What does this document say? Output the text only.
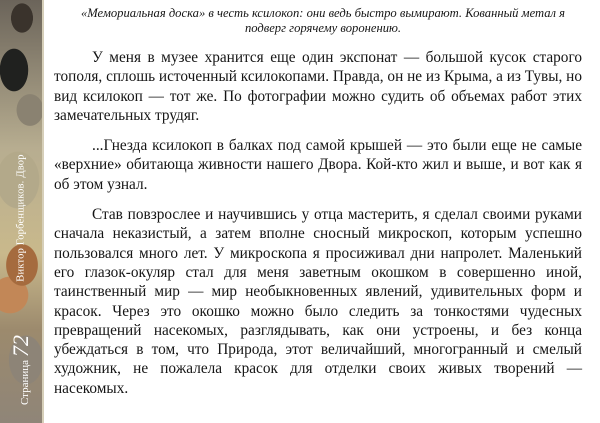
Виктор Горбенщиков. Двор
Страница
72

«Мемориальная доска» в честь ксилокоп: они ведь быстро вымирают. Кованный метал я подверг горячему воронению.

У меня в музее хранится еще один экспонат — большой кусок старого тополя, сплошь источенный ксилокопами. Правда, он не из Крыма, а из Тувы, но вид ксилокоп — тот же. По фотографии можно судить об объемах работ этих замечательных трудяг.

...Гнезда ксилокоп в балках под самой крышей — это были еще не самые «верхние» обитающа живности нашего Двора. Кой-кто жил и выше, и вот как я об этом узнал.

Став повзрослее и научившись у отца мастерить, я сделал своими руками сначала неказистый, а затем вполне сносный микроскоп, которым успешно пользовался много лет. У микроскопа я просиживал дни напролет. Маленький его глазок-окуляр стал для меня заветным окошком в совершенно иной, таинственный мир — мир необыкновенных явлений, удивительных форм и красок. Через это окошко можно было следить за тонкостями чудесных превращений насекомых, разглядывать, как они устроены, и без конца убеждаться в том, что Природа, этот величайший, многогранный и смелый художник, не пожалела красок для отделки своих живых творений — насекомых.
